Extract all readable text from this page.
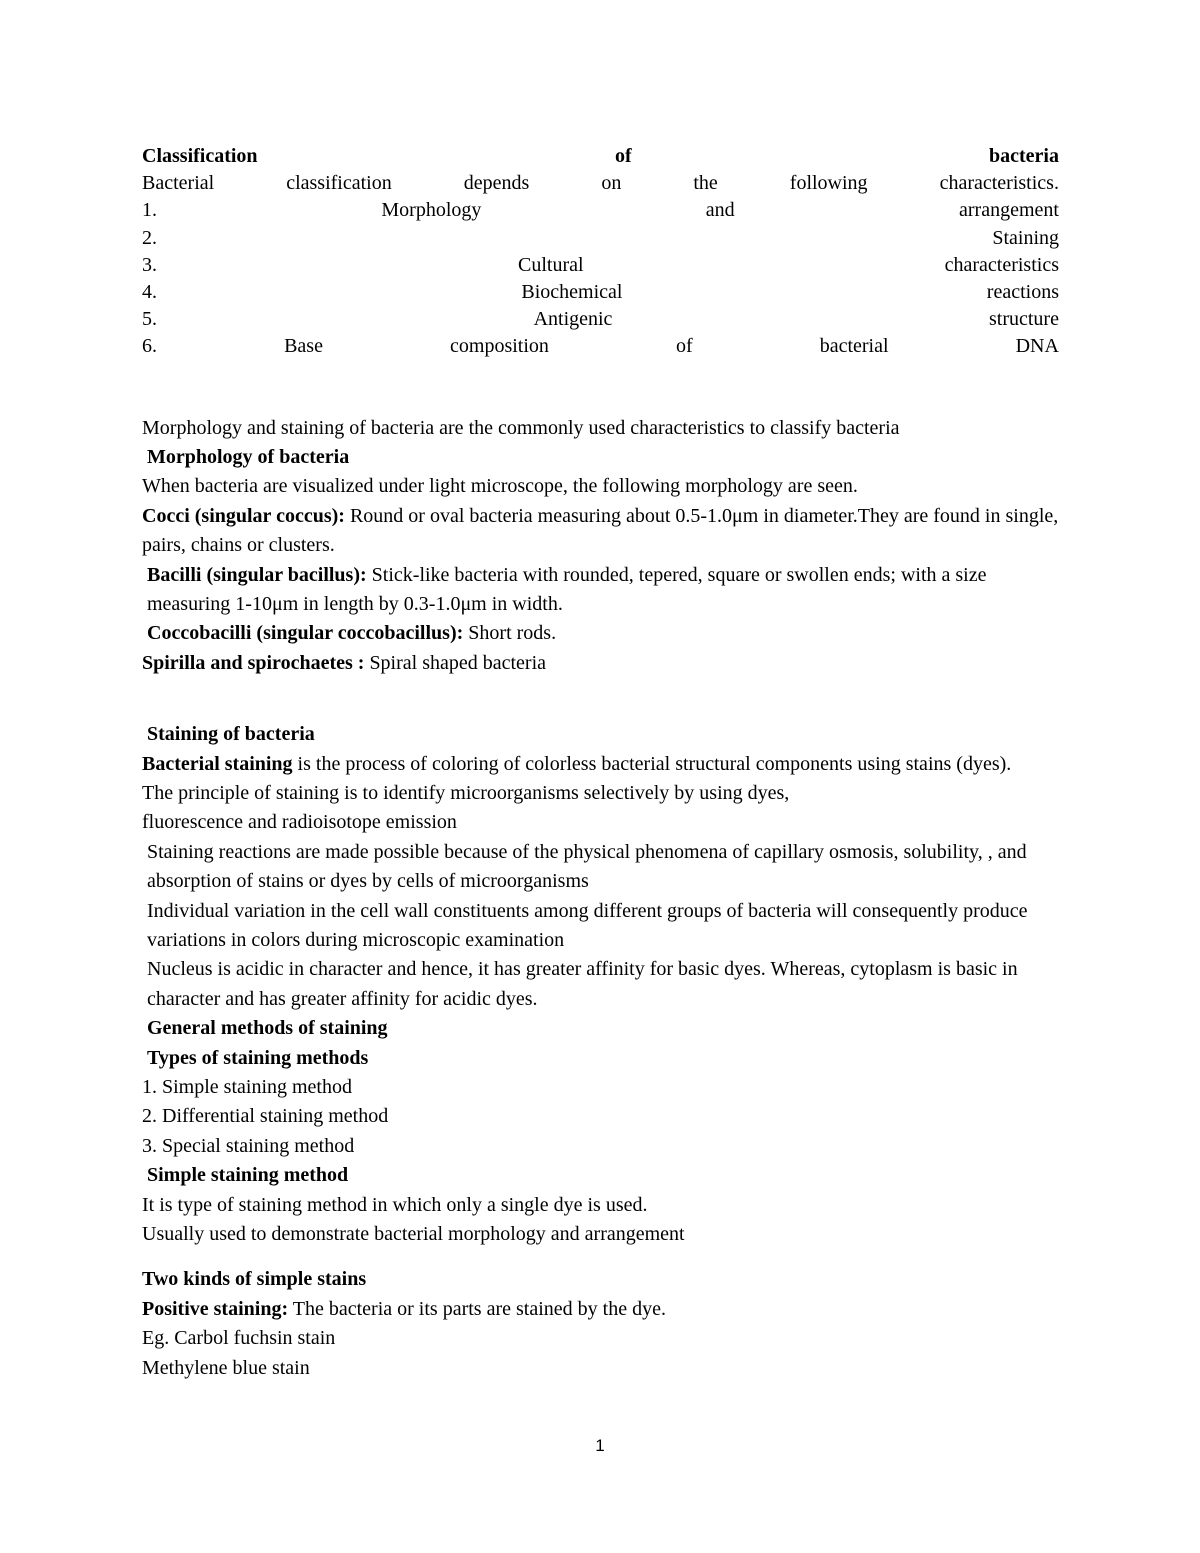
Classification	of	bacteria
Bacterial	classification	depends	on	the	following	characteristics.
1.	Morphology	and	arrangement
2.	Staining
3.	Cultural	characteristics
4.	Biochemical	reactions
5.	Antigenic	structure
6.	Base	composition	of	bacterial	DNA

Morphology and staining of bacteria are the commonly used characteristics to classify bacteria

Morphology of bacteria

When bacteria are visualized under light microscope, the following morphology are seen.

Cocci (singular coccus): Round or oval bacteria measuring about 0.5-1.0μm in diameter.They are found in single, pairs, chains or clusters.

Bacilli (singular bacillus): Stick-like bacteria with rounded, tepered, square or swollen ends; with a size measuring 1-10μm in length by 0.3-1.0μm in width.

Coccobacilli (singular coccobacillus): Short rods.

Spirilla and spirochaetes : Spiral shaped bacteria

Staining of bacteria

Bacterial staining is the process of coloring of colorless bacterial structural components using stains (dyes).

The principle of staining is to identify microorganisms selectively by using dyes,

fluorescence and radioisotope emission

Staining reactions are made possible because of the physical phenomena of capillary osmosis, solubility, , and absorption of stains or dyes by cells of microorganisms

Individual variation in the cell wall constituents among different groups of bacteria will consequently produce variations in colors during microscopic examination

Nucleus is acidic in character and hence, it has greater affinity for basic dyes. Whereas, cytoplasm is basic in character and has greater affinity for acidic dyes.

General methods of staining

Types of staining methods

1. Simple staining method

2. Differential staining method

3. Special staining method

Simple staining method

It is type of staining method in which only a single dye is used.

Usually used to demonstrate bacterial morphology and arrangement

Two kinds of simple stains

Positive staining: The bacteria or its parts are stained by the dye.

Eg. Carbol fuchsin stain

Methylene blue stain

1
